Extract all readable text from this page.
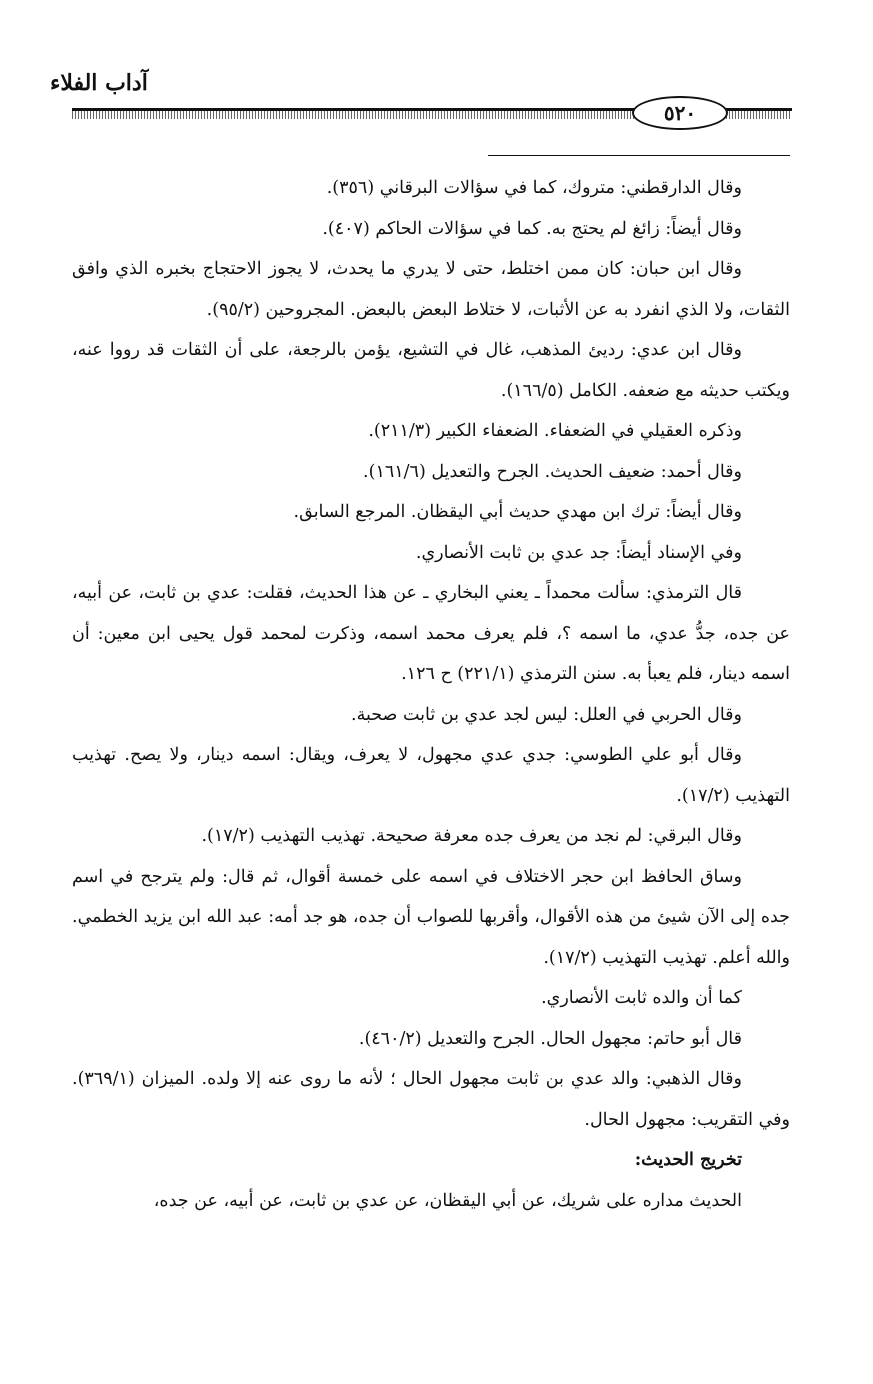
آداب الفلاء
٥٢٠

وقال الدارقطني: متروك، كما في سؤالات البرقاني (٣٥٦).

وقال أيضاً: زائغ لم يحتج به. كما في سؤالات الحاكم (٤٠٧).

وقال ابن حبان: كان ممن اختلط، حتى لا يدري ما يحدث، لا يجوز الاحتجاج بخبره الذي وافق الثقات، ولا الذي انفرد به عن الأثبات، لا ختلاط البعض بالبعض. المجروحين (٩٥/٢).

وقال ابن عدي: رديئ المذهب، غال في التشيع، يؤمن بالرجعة، على أن الثقات قد رووا عنه، ويكتب حديثه مع ضعفه. الكامل (١٦٦/٥).

وذكره العقيلي في الضعفاء. الضعفاء الكبير (٢١١/٣).

وقال أحمد: ضعيف الحديث. الجرح والتعديل (١٦١/٦).

وقال أيضاً: ترك ابن مهدي حديث أبي اليقظان. المرجع السابق.

وفي الإسناد أيضاً: جد عدي بن ثابت الأنصاري.

قال الترمذي: سألت محمداً ـ يعني البخاري ـ عن هذا الحديث، فقلت: عدي بن ثابت، عن أبيه، عن جده، جدُّ عدي، ما اسمه ؟، فلم يعرف محمد اسمه، وذكرت لمحمد قول يحيى ابن معين: أن اسمه دينار، فلم يعبأ به. سنن الترمذي (٢٢١/١) ح ١٢٦.

وقال الحربي في العلل: ليس لجد عدي بن ثابت صحبة.

وقال أبو علي الطوسي: جدي عدي مجهول، لا يعرف، ويقال: اسمه دينار، ولا يصح. تهذيب التهذيب (١٧/٢).

وقال البرقي: لم نجد من يعرف جده معرفة صحيحة. تهذيب التهذيب (١٧/٢).

وساق الحافظ ابن حجر الاختلاف في اسمه على خمسة أقوال، ثم قال: ولم يترجح في اسم جده إلى الآن شيئ من هذه الأقوال، وأقربها للصواب أن جده، هو جد أمه: عبد الله ابن يزيد الخطمي. والله أعلم. تهذيب التهذيب (١٧/٢).

كما أن والده ثابت الأنصاري.

قال أبو حاتم: مجهول الحال. الجرح والتعديل (٤٦٠/٢).

وقال الذهبي: والد عدي بن ثابت مجهول الحال ؛ لأنه ما روى عنه إلا ولده. الميزان (٣٦٩/١). وفي التقريب: مجهول الحال.

تخريج الحديث:

الحديث مداره على شريك، عن أبي اليقظان، عن عدي بن ثابت، عن أبيه، عن جده،
